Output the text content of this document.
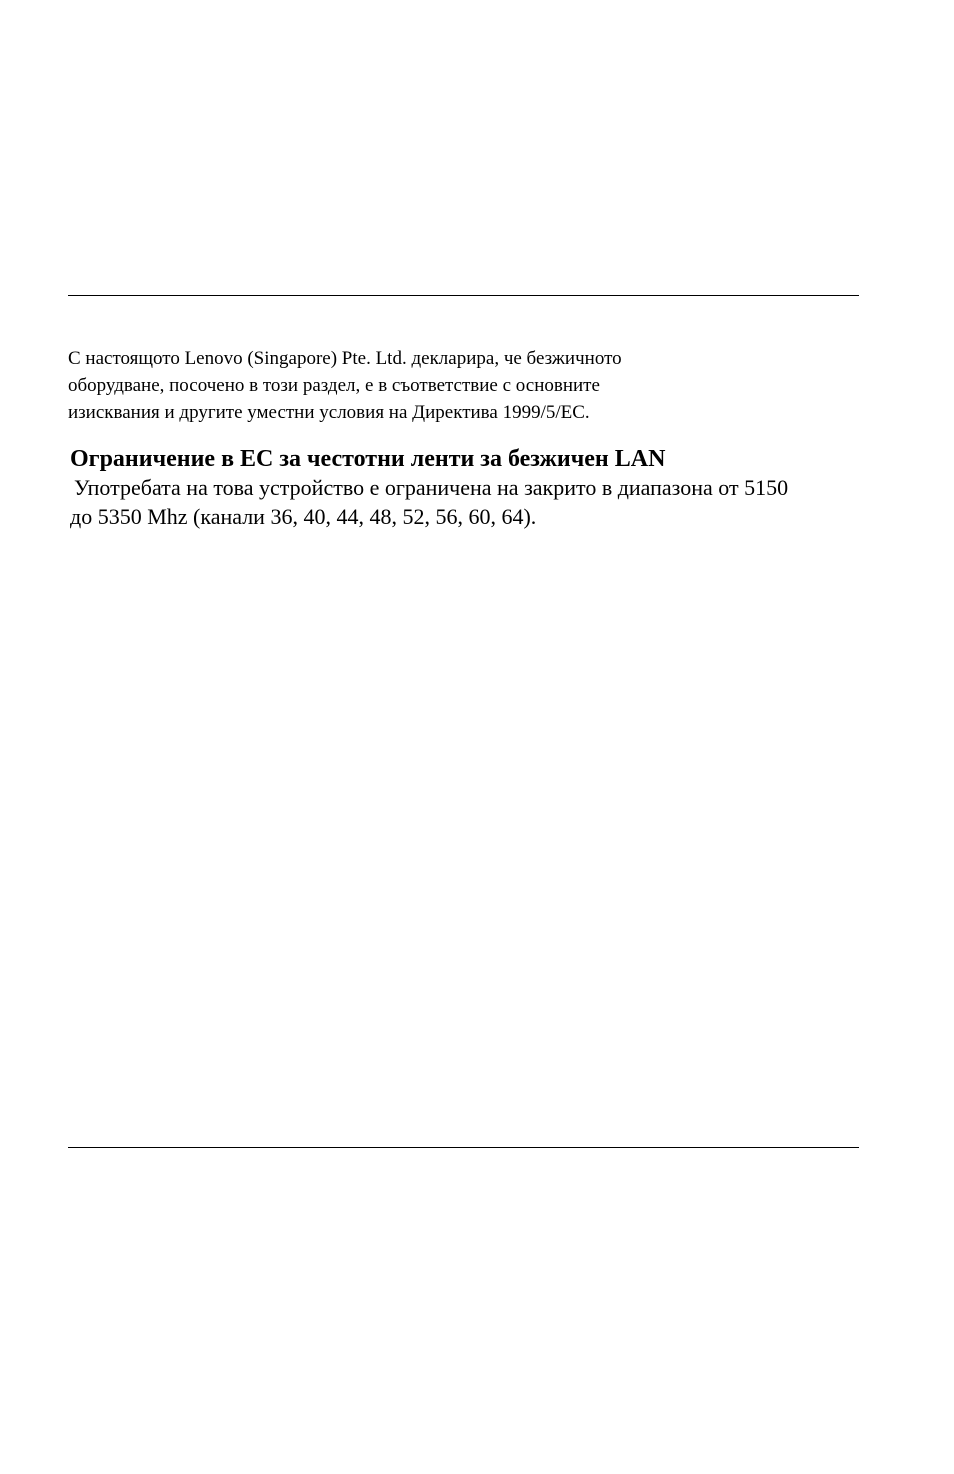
С настоящото Lenovo (Singapore) Pte. Ltd. декларира, че безжичното
оборудване, посочено в този раздел, е в съответствие с основните
изисквания и другите уместни условия на Директива 1999/5/EC.

Ограничение в EC за честотни ленти за безжичен LAN

Употребата на това устройство е ограничена на закрито в диапазона от 5150
до 5350 Mhz (канали 36, 40, 44, 48, 52, 56, 60, 64).
